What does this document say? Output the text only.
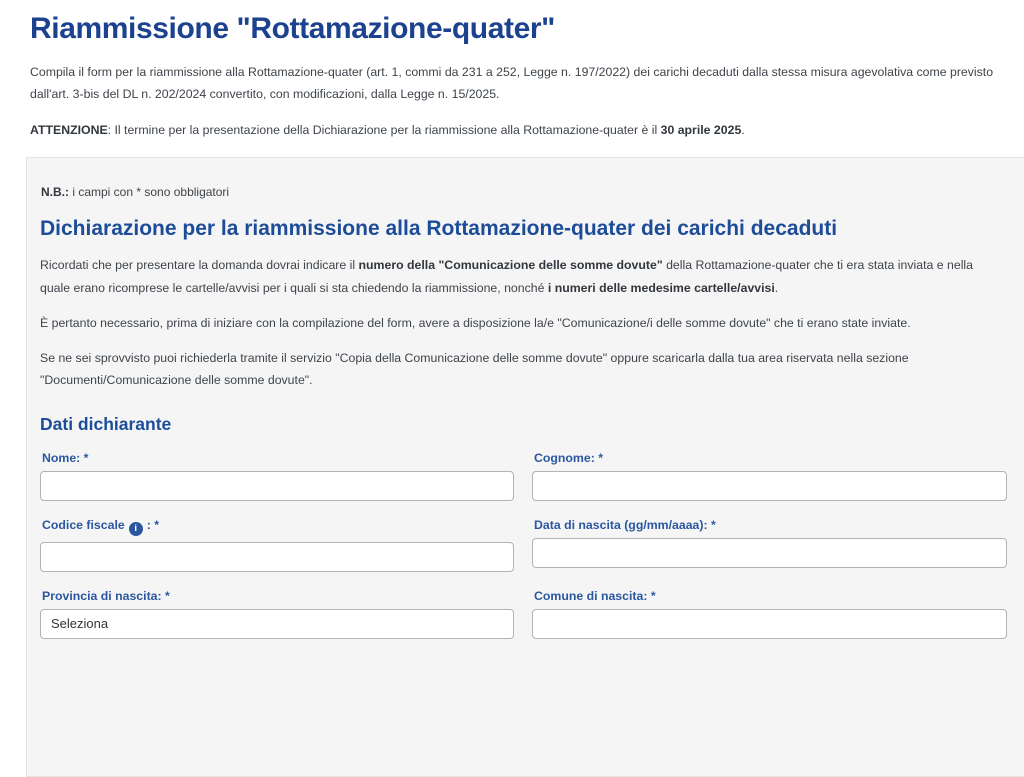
Riammissione "Rottamazione-quater"

Compila il form per la riammissione alla Rottamazione-quater (art. 1, commi da 231 a 252, Legge n. 197/2022) dei carichi decaduti dalla stessa misura agevolativa come previsto dall'art. 3-bis del DL n. 202/2024 convertito, con modificazioni, dalla Legge n. 15/2025.

ATTENZIONE: Il termine per la presentazione della Dichiarazione per la riammissione alla Rottamazione-quater è il 30 aprile 2025.

N.B.: i campi con * sono obbligatori

Dichiarazione per la riammissione alla Rottamazione-quater dei carichi decaduti

Ricordati che per presentare la domanda dovrai indicare il numero della "Comunicazione delle somme dovute" della Rottamazione-quater che ti era stata inviata e nella quale erano ricomprese le cartelle/avvisi per i quali si sta chiedendo la riammissione, nonché i numeri delle medesime cartelle/avvisi.

È pertanto necessario, prima di iniziare con la compilazione del form, avere a disposizione la/e "Comunicazione/i delle somme dovute" che ti erano state inviate.

Se ne sei sprovvisto puoi richiederla tramite il servizio "Copia della Comunicazione delle somme dovute" oppure scaricarla dalla tua area riservata nella sezione "Documenti/Comunicazione delle somme dovute".

Dati dichiarante
Nome: *	Cognome: *
Codice fiscale i : *	Data di nascita (gg/mm/aaaa): *
Provincia di nascita: *
Seleziona
Comune di nascita: *
